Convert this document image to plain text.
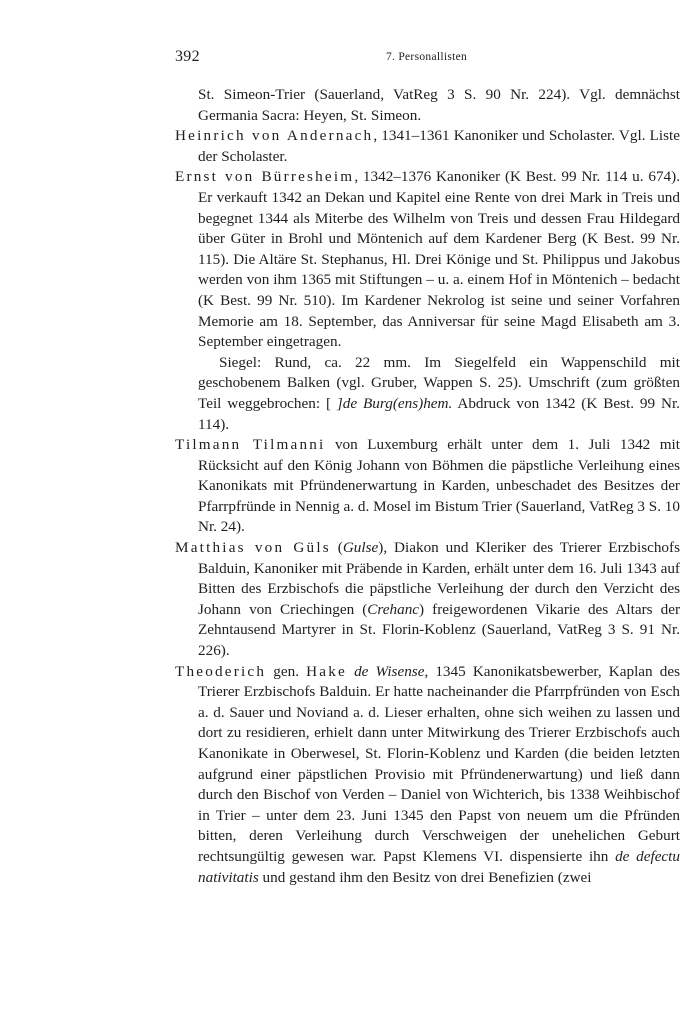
392	7. Personallisten

St. Simeon-Trier (Sauerland, VatReg 3 S. 90 Nr. 224). Vgl. demnächst Germania Sacra: Heyen, St. Simeon.

Heinrich von Andernach, 1341–1361 Kanoniker und Scholaster. Vgl. Liste der Scholaster.

Ernst von Bürresheim, 1342–1376 Kanoniker (K Best. 99 Nr. 114 u. 674). Er verkauft 1342 an Dekan und Kapitel eine Rente von drei Mark in Treis und begegnet 1344 als Miterbe des Wilhelm von Treis und dessen Frau Hildegard über Güter in Brohl und Möntenich auf dem Kardener Berg (K Best. 99 Nr. 115). Die Altäre St. Stephanus, Hl. Drei Könige und St. Philippus und Jakobus werden von ihm 1365 mit Stiftungen – u. a. einem Hof in Möntenich – bedacht (K Best. 99 Nr. 510). Im Kardener Nekrolog ist seine und seiner Vorfahren Memorie am 18. September, das Anniversar für seine Magd Elisabeth am 3. September eingetragen.

Siegel: Rund, ca. 22 mm. Im Siegelfeld ein Wappenschild mit geschobenem Balken (vgl. Gruber, Wappen S. 25). Umschrift (zum größten Teil weggebrochen: [ ]de Burg(ens)hem. Abdruck von 1342 (K Best. 99 Nr. 114).

Tilmann Tilmanni von Luxemburg erhält unter dem 1. Juli 1342 mit Rücksicht auf den König Johann von Böhmen die päpstliche Verleihung eines Kanonikats mit Pfründenerwartung in Karden, unbeschadet des Besitzes der Pfarrpfründe in Nennig a. d. Mosel im Bistum Trier (Sauerland, VatReg 3 S. 10 Nr. 24).

Matthias von Güls (Gulse), Diakon und Kleriker des Trierer Erzbischofs Balduin, Kanoniker mit Präbende in Karden, erhält unter dem 16. Juli 1343 auf Bitten des Erzbischofs die päpstliche Verleihung der durch den Verzicht des Johann von Criechingen (Crehanc) freigewordenen Vikarie des Altars der Zehntausend Martyrer in St. Florin-Koblenz (Sauerland, VatReg 3 S. 91 Nr. 226).

Theoderich gen. Hake de Wisense, 1345 Kanonikatsbewerber, Kaplan des Trierer Erzbischofs Balduin. Er hatte nacheinander die Pfarrpfründen von Esch a. d. Sauer und Noviand a. d. Lieser erhalten, ohne sich weihen zu lassen und dort zu residieren, erhielt dann unter Mitwirkung des Trierer Erzbischofs auch Kanonikate in Oberwesel, St. Florin-Koblenz und Karden (die beiden letzten aufgrund einer päpstlichen Provisio mit Pfründenerwartung) und ließ dann durch den Bischof von Verden – Daniel von Wichterich, bis 1338 Weihbischof in Trier – unter dem 23. Juni 1345 den Papst von neuem um die Pfründen bitten, deren Verleihung durch Verschweigen der unehelichen Geburt rechtsungültig gewesen war. Papst Klemens VI. dispensierte ihn de defectu nativitatis und gestand ihm den Besitz von drei Benefizien (zwei
